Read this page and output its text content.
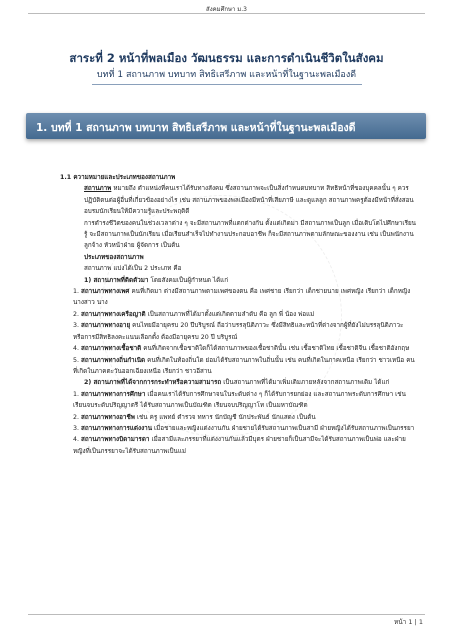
สังคมศึกษา ม.3
สาระที่ 2 หน้าที่พลเมือง วัฒนธรรม และการดำเนินชีวิตในสังคม
บทที่ 1 สถานภาพ บทบาท สิทธิเสรีภาพ และหน้าที่ในฐานะพลเมืองดี
1. บทที่ 1 สถานภาพ บทบาท สิทธิเสรีภาพ และหน้าที่ในฐานะพลเมืองดี

1.1 ความหมายและประเภทของสถานภาพ

สถานภาพ หมายถึง ตำแหน่งที่คนเราได้รับทางสังคม ซึ่งสถานภาพจะเป็นสิ่งกำหนดบทบาท สิทธิหน้าที่ของบุคคลนั้น ๆ ควรปฏิบัติตนต่อผู้อื่นที่เกี่ยวข้องอย่างไร เช่น สถานภาพของพลเมืองมีหน้าที่เสียภาษี และดูแลลูก สถานภาพครูต้องมีหน้าที่สั่งสอนอบรมนักเรียนให้มีความรู้และประพฤติดี

การดำรงชีวิตของคนในช่วงเวลาต่าง ๆ จะมีสถานภาพที่แตกต่างกัน ตั้งแต่เกิดมา มีสถานภาพเป็นลูก เมื่อเติบโตไปศึกษาเรียนรู้ จะมีสถานภาพเป็นนักเรียน เมื่อเรียนสำเร็จไปทำงานประกอบอาชีพ ก็จะมีสถานภาพตามลักษณะของงาน เช่น เป็นพนักงาน ลูกจ้าง หัวหน้าฝ่าย ผู้จัดการ เป็นต้น

ประเภทของสถานภาพ

สถานภาพ แบ่งได้เป็น 2 ประเภท คือ

1) สถานภาพที่ติดตัวมา โดยสังคมเป็นผู้กำหนด ได้แก่

1. สถานภาพทางเพศ คนที่เกิดมา ต่างมีสถานภาพตามเพศของตน คือ เพศชาย เรียกว่า เด็กชายนาย เพศหญิง เรียกว่า เด็กหญิง นางสาว นาง

2. สถานภาพทางเครือญาติ เป็นสถานภาพที่ได้มาตั้งแต่เกิดตามลำดับ คือ ลูก พี่ น้อง พ่อแม่

3. สถานภาพทางอายุ คนไทยมีอายุครบ 20 ปีบริบูรณ์ ถือว่าบรรลุนิติภาวะ ซึ่งมีสิทธิและหน้าที่ต่างจากผู้ที่ยังไม่บรรลุนิติภาวะ หรือการมีสิทธิลงคะแนนเลือกตั้ง ต้องมีอายุครบ 20 ปี บริบูรณ์

4. สถานภาพทางเชื้อชาติ คนที่เกิดจากเชื้อชาติใดก็ได้สถานภาพของเชื้อชาตินั้น เช่น เชื้อชาติไทย เชื้อชาติจีน เชื้อชาติอังกฤษ

5. สถานภาพทางถิ่นกำเนิด คนที่เกิดในท้องถิ่นใด ย่อมได้รับสถานภาพในถิ่นนั้น เช่น คนที่เกิดในภาคเหนือ เรียกว่า ชาวเหนือ คนที่เกิดในภาคตะวันออกเฉียงเหนือ เรียกว่า ชาวอีสาน

2) สถานภาพที่ได้จากการกระทำหรือความสามารถ เป็นสถานภาพที่ได้มาเพิ่มเติมภายหลังจากสถานภาพเดิม ได้แก่

1. สถานภาพทางการศึกษา เมื่อคนเราได้รับการศึกษาจนในระดับต่าง ๆ ก็ได้รับการยกย่อง และสถานภาพระดับการศึกษา เช่น เรียนจบระดับปริญญาตรี ได้รับสถานภาพเป็นบัณฑิต เรียนจบปริญญาโท เป็นมหาบัณฑิต

2. สถานภาพทางอาชีพ เช่น ครู แพทย์ ตำรวจ ทหาร นักบัญชี นักประพันธ์ นักแสดง เป็นต้น

3. สถานภาพทางการแต่งงาน เมื่อชายและหญิงแต่งงานกัน ฝ่ายชายได้รับสถานภาพเป็นสามี ฝ่ายหญิงได้รับสถานภาพเป็นภรรยา

4. สถานภาพทางบิดามารดา เมื่อสามีและภรรยาที่แต่งงานกันแล้วมีบุตร ฝ่ายชายก็เป็นสามีจะได้รับสถานภาพเป็นพ่อ และฝ่ายหญิงที่เป็นภรรยาจะได้รับสถานภาพเป็นแม่

หน้า 1 | 1
